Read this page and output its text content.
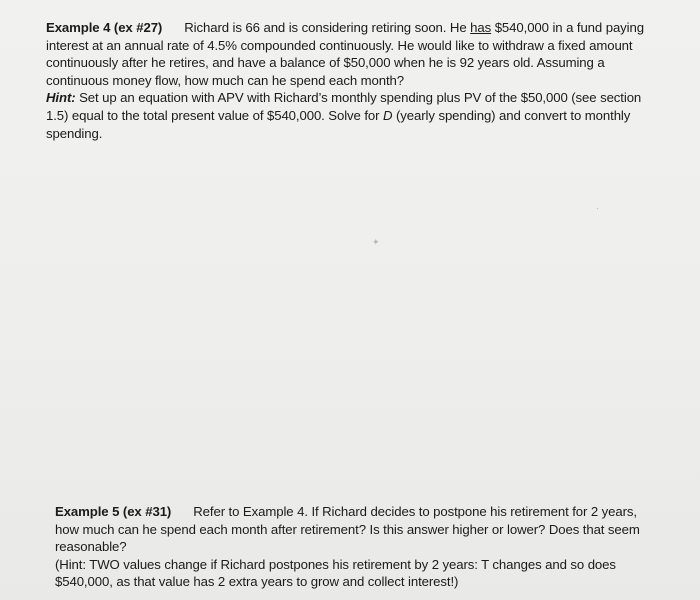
Example 4 (ex #27) Richard is 66 and is considering retiring soon. He has $540,000 in a fund paying interest at an annual rate of 4.5% compounded continuously. He would like to withdraw a fixed amount continuously after he retires, and have a balance of $50,000 when he is 92 years old. Assuming a continuous money flow, how much can he spend each month?
Hint: Set up an equation with APV with Richard’s monthly spending plus PV of the $50,000 (see section 1.5) equal to the total present value of $540,000. Solve for D (yearly spending) and convert to monthly spending.
Example 5 (ex #31) Refer to Example 4. If Richard decides to postpone his retirement for 2 years, how much can he spend each month after retirement? Is this answer higher or lower? Does that seem reasonable?
(Hint: TWO values change if Richard postpones his retirement by 2 years: T changes and so does $540,000, as that value has 2 extra years to grow and collect interest!)
✦
·
